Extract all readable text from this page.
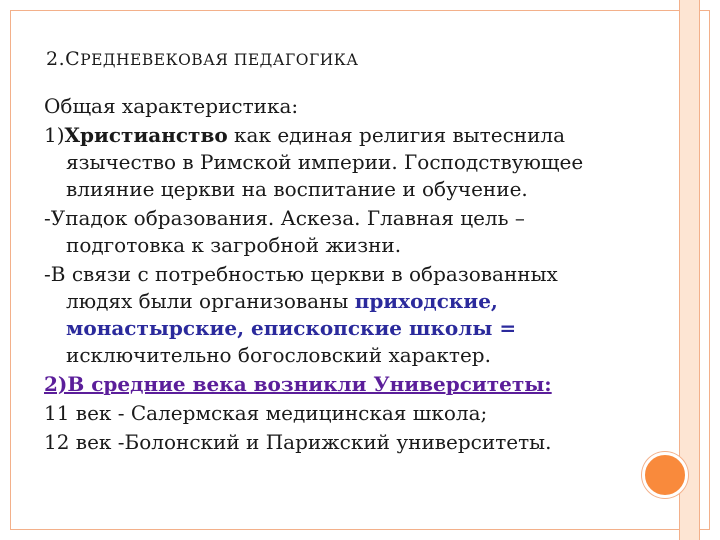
2.СРЕДНЕВЕКОВАЯ ПЕДАГОГИКА

Общая характеристика:

1)Христианство как единая религия вытеснила язычество в Римской империи. Господствующее влияние церкви на воспитание и обучение.

-Упадок образования. Аскеза. Главная цель – подготовка к загробной жизни.

-В связи с потребностью церкви в образованных людях были организованы приходские, монастырские, епископские школы = исключительно богословский характер.

2)В средние века возникли Университеты:

11 век - Салермская медицинская школа;

12 век -Болонский и Парижский университеты.
